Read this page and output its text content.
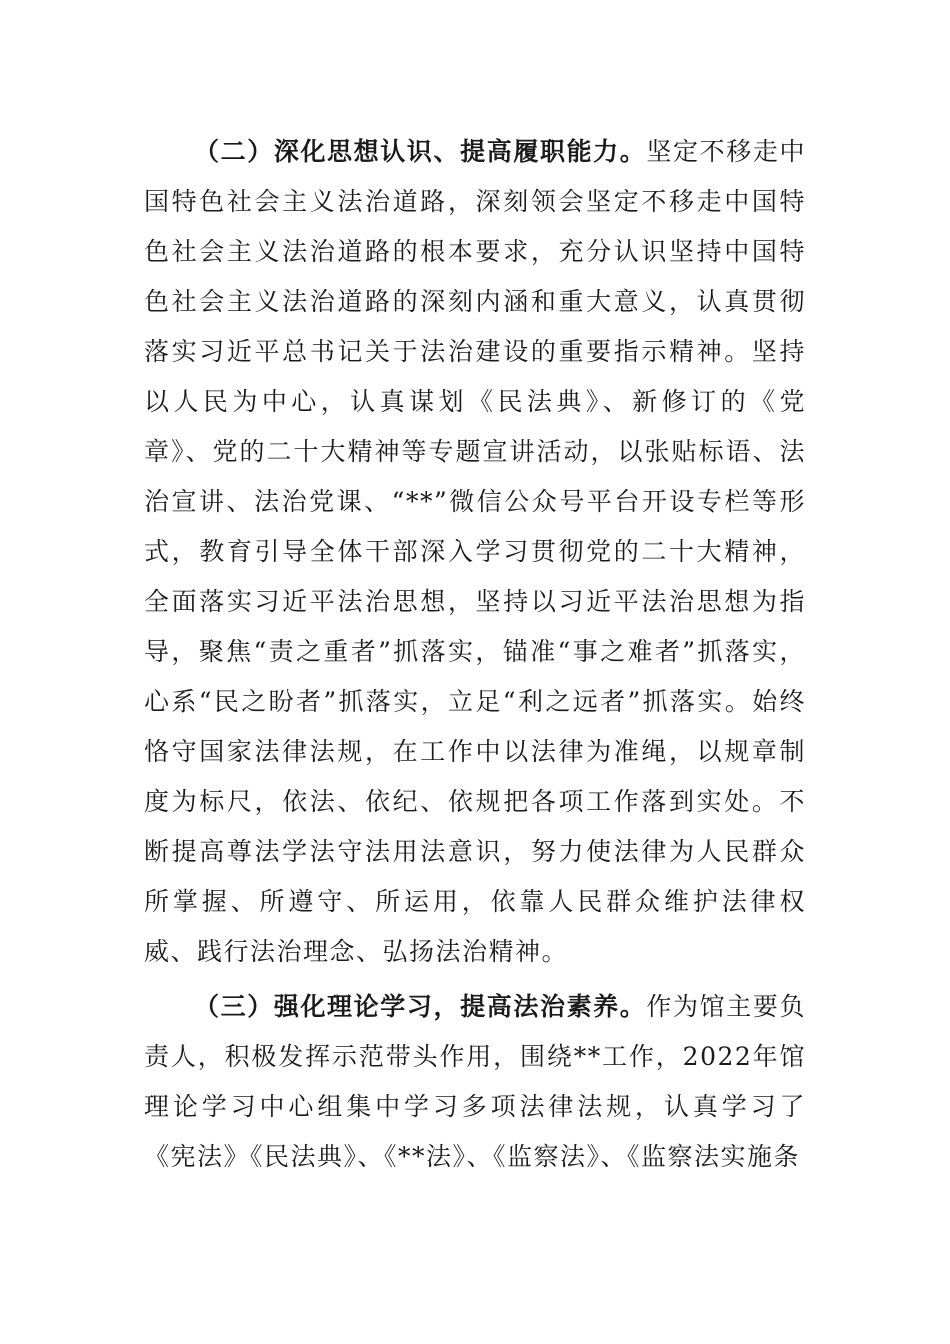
（二）深化思想认识、提高履职能力。坚定不移走中国特色社会主义法治道路，深刻领会坚定不移走中国特色社会主义法治道路的根本要求，充分认识坚持中国特色社会主义法治道路的深刻内涵和重大意义，认真贯彻落实习近平总书记关于法治建设的重要指示精神。坚持以人民为中心，认真谋划《民法典》、新修订的《党章》、党的二十大精神等专题宣讲活动，以张贴标语、法治宣讲、法治党课、“**”微信公众号平台开设专栏等形式，教育引导全体干部深入学习贯彻党的二十大精神，全面落实习近平法治思想，坚持以习近平法治思想为指导，聚焦“责之重者”抓落实，锚准“事之难者”抓落实，心系“民之盼者”抓落实，立足“利之远者”抓落实。始终恪守国家法律法规，在工作中以法律为准绳，以规章制度为标尺，依法、依纪、依规把各项工作落到实处。不断提高尊法学法守法用法意识，努力使法律为人民群众所掌握、所遵守、所运用，依靠人民群众维护法律权威、践行法治理念、弘扬法治精神。

（三）强化理论学习，提高法治素养。作为馆主要负责人，积极发挥示范带头作用，围绕**工作，2022年馆理论学习中心组集中学习多项法律法规，认真学习了《宪法》《民法典》、《**法》、《监察法》、《监察法实施条
